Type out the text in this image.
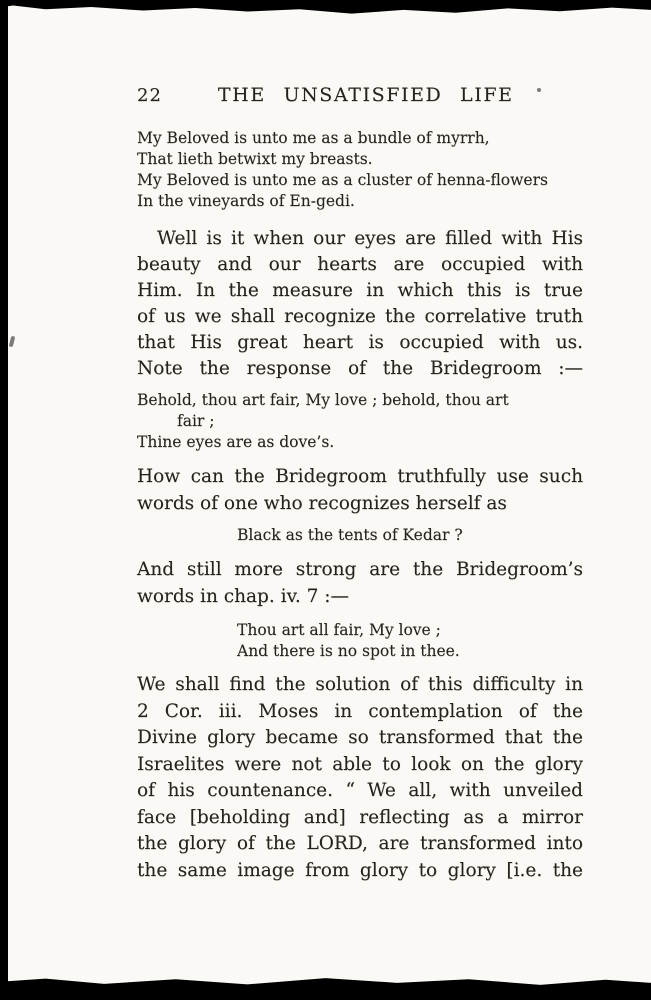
22	THE UNSATISFIED LIFE
My Beloved is unto me as a bundle of myrrh,
That lieth betwixt my breasts.
My Beloved is unto me as a cluster of henna-flowers
In the vineyards of En-gedi.
Well is it when our eyes are filled with His
beauty and our hearts are occupied with
Him. In the measure in which this is true
of us we shall recognize the correlative truth
that His great heart is occupied with us.
Note the response of the Bridegroom :—
Behold, thou art fair, My love ; behold, thou art
fair ;
Thine eyes are as dove’s.
How can the Bridegroom truthfully use such
words of one who recognizes herself as
Black as the tents of Kedar ?
And still more strong are the Bridegroom’s
words in chap. iv. 7 :—
Thou art all fair, My love ;
And there is no spot in thee.
We shall find the solution of this difficulty in
2 Cor. iii. Moses in contemplation of the
Divine glory became so transformed that the
Israelites were not able to look on the glory
of his countenance. “ We all, with unveiled
face [beholding and] reflecting as a mirror
the glory of the LORD, are transformed into
the same image from glory to glory [i.e. the
